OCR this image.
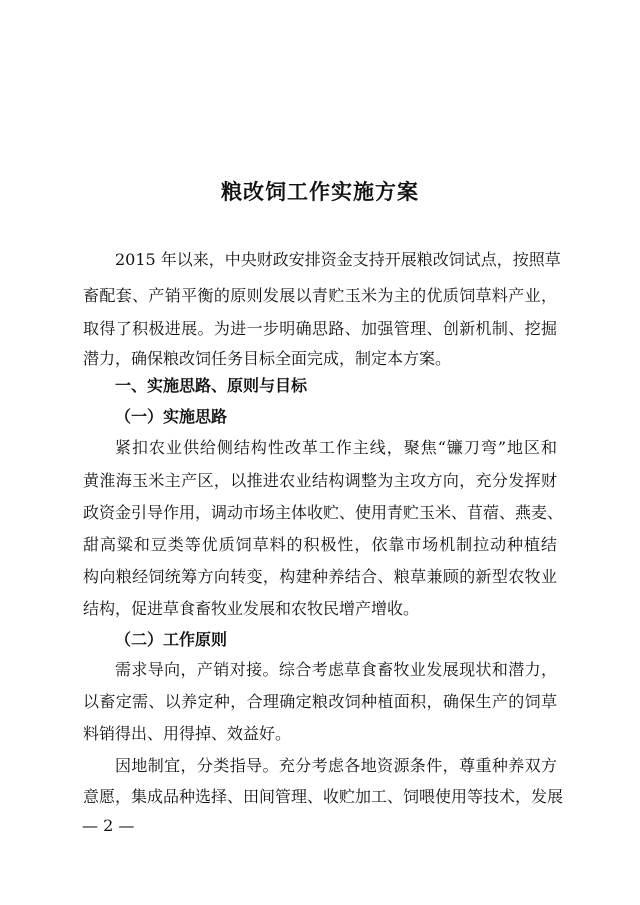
粮改饲工作实施方案
2015 年以来，中央财政安排资金支持开展粮改饲试点，按照草
畜配套、产销平衡的原则发展以青贮玉米为主的优质饲草料产业，
取得了积极进展。为进一步明确思路、加强管理、创新机制、挖掘
潜力，确保粮改饲任务目标全面完成，制定本方案。
一、实施思路、原则与目标
（一）实施思路
紧扣农业供给侧结构性改革工作主线，聚焦“镰刀弯”地区和
黄淮海玉米主产区，以推进农业结构调整为主攻方向，充分发挥财
政资金引导作用，调动市场主体收贮、使用青贮玉米、苜蓿、燕麦、
甜高粱和豆类等优质饲草料的积极性，依靠市场机制拉动种植结
构向粮经饲统筹方向转变，构建种养结合、粮草兼顾的新型农牧业
结构，促进草食畜牧业发展和农牧民增产增收。
（二）工作原则
需求导向，产销对接。综合考虑草食畜牧业发展现状和潜力，
以畜定需、以养定种，合理确定粮改饲种植面积，确保生产的饲草
料销得出、用得掉、效益好。
因地制宜，分类指导。充分考虑各地资源条件，尊重种养双方
意愿，集成品种选择、田间管理、收贮加工、饲喂使用等技术，发展
— 2 —
